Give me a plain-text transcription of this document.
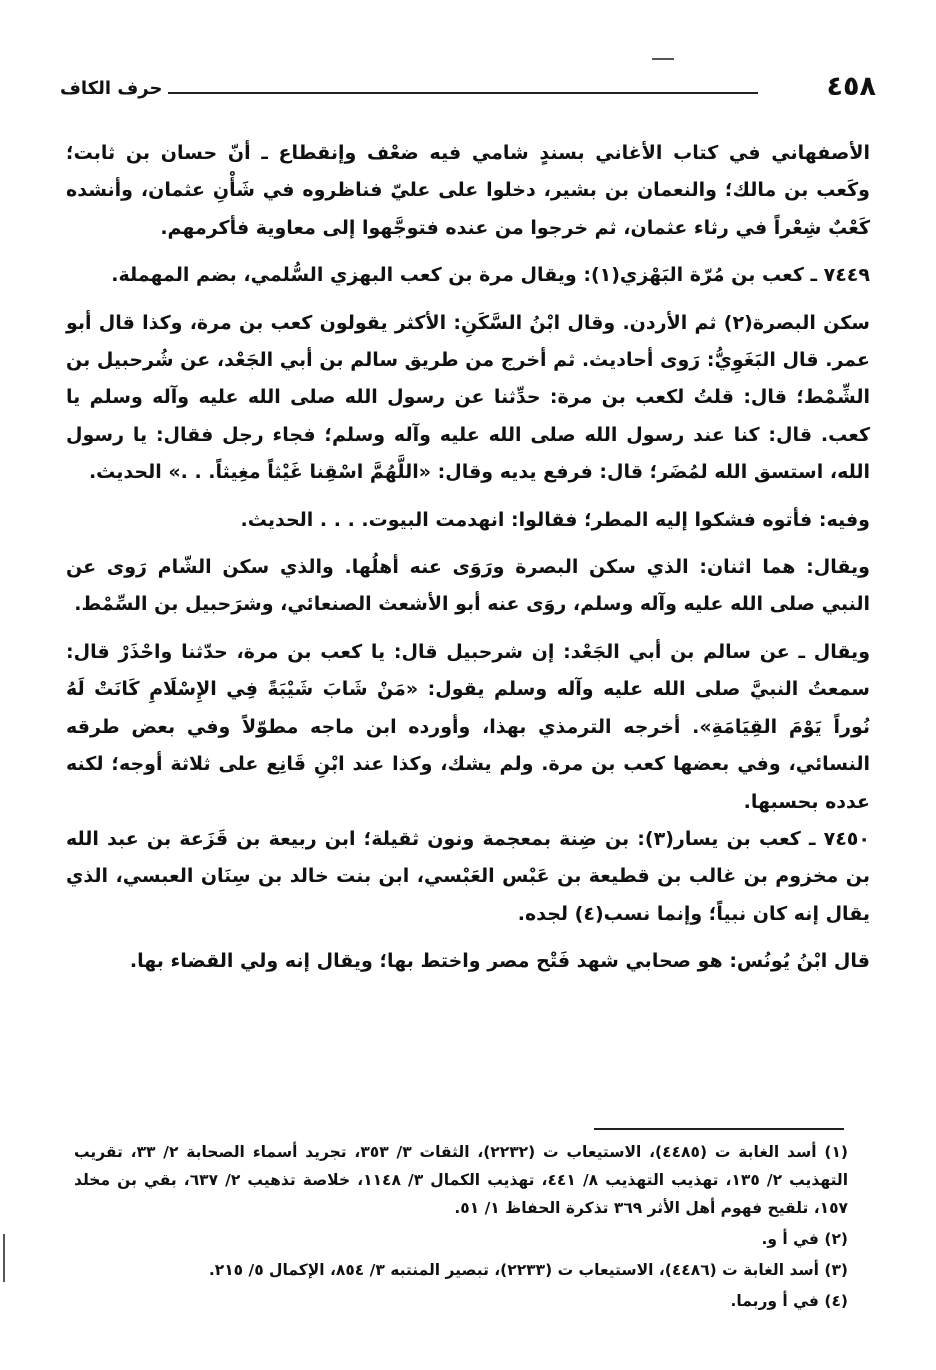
٤٥٨
حرف الكاف

الأصفهاني في كتاب الأغاني بسندٍ شامي فيه ضعْف وإنقطاع ـ أنّ حسان بن ثابت؛ وكَعب بن مالك؛ والنعمان بن بشير، دخلوا على عليّ فناظروه في شَأْنِ عثمان، وأنشده كَعْبٌ شِعْراً في رثاء عثمان، ثم خرجوا من عنده فتوجَّهوا إلى معاوية فأكرمهم.

٧٤٤٩ ـ كعب بن مُرّة البَهْزي(١): ويقال مرة بن كعب البهزي السُّلمي، بضم المهملة.

سكن البصرة(٢) ثم الأردن. وقال ابْنُ السَّكَنِ: الأكثر يقولون كعب بن مرة، وكذا قال أبو عمر. قال البَغَوِيُّ: رَوى أحاديث. ثم أخرج من طريق سالم بن أبي الجَعْد، عن شُرحبيل بن الشِّمْط؛ قال: قلتُ لكعب بن مرة: حدِّثنا عن رسول الله صلى الله عليه وآله وسلم يا كعب. قال: كنا عند رسول الله صلى الله عليه وآله وسلم؛ فجاء رجل فقال: يا رسول الله، استسق الله لمُضَر؛ قال: فرفع يديه وقال: «اللَّهُمَّ اسْقِنا غَيْثاً مغِيثاً. . .» الحديث.

وفيه: فأتوه فشكوا إليه المطر؛ فقالوا: انهدمت البيوت. . . . الحديث.

ويقال: هما اثنان: الذي سكن البصرة ورَوَى عنه أهلُها. والذي سكن الشّام رَوى عن النبي صلى الله عليه وآله وسلم، روَى عنه أبو الأشعث الصنعائي، وشرَحبيل بن السِّمْط.

ويقال ـ عن سالم بن أبي الجَعْد: إن شرحبيل قال: يا كعب بن مرة، حدّثنا واحْذَرْ قال: سمعتُ النبيَّ صلى الله عليه وآله وسلم يقول: «مَنْ شَابَ شَيْبَةً فِي الإِسْلَامِ كَانَتْ لَهُ نُوراً يَوْمَ القِيَامَةِ». أخرجه الترمذي بهذا، وأورده ابن ماجه مطوّلاً وفي بعض طرقه النسائي، وفي بعضها كعب بن مرة. ولم يشك، وكذا عند ابْنِ قَانِع على ثلاثة أوجه؛ لكنه عدده بحسبها.

٧٤٥٠ ـ كعب بن يسار(٣): بن ضِنة بمعجمة ونون ثقيلة؛ ابن ربيعة بن قَزَعة بن عبد الله بن مخزوم بن غالب بن قطيعة بن عَبْس العَبْسي، ابن بنت خالد بن سِنَان العبسي، الذي يقال إنه كان نبياً؛ وإنما نسب(٤) لجده.

قال ابْنُ يُونُس: هو صحابي شهد فَتْح مصر واختط بها؛ ويقال إنه ولي القضاء بها.

(١) أسد الغابة ت (٤٤٨٥)، الاستيعاب ت (٢٢٣٢)، الثقات ٣/ ٣٥٣، تجريد أسماء الصحابة ٢/ ٣٣، تقريب التهذيب ٢/ ١٣٥، تهذيب التهذيب ٨/ ٤٤١، تهذيب الكمال ٣/ ١١٤٨، خلاصة تذهيب ٢/ ٦٣٧، بقي بن مخلد ١٥٧، تلقيح فهوم أهل الأثر ٣٦٩ تذكرة الحفاظ ١/ ٥١.

(٢) في أ و.

(٣) أسد الغابة ت (٤٤٨٦)، الاستيعاب ت (٢٢٣٣)، تبصير المنتبه ٣/ ٨٥٤، الإكمال ٥/ ٢١٥.

(٤) في أ وربما.
